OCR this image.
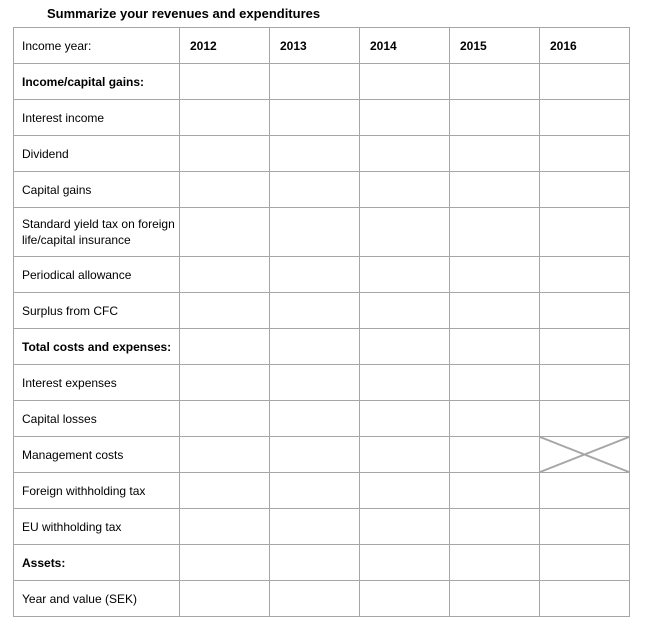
Summarize your revenues and expenditures
Income year:	2012	2013	2014	2015	2016
Income/capital gains:					
Interest income					
Dividend					
Capital gains					

Standard yield tax on foreign life/capital insurance					

Periodical allowance					
Surplus from CFC					

Total costs and expenses:					

Interest expenses					
Capital losses					
Management costs					

Foreign withholding tax					
EU withholding tax					
Assets:					
Year and value (SEK)					
